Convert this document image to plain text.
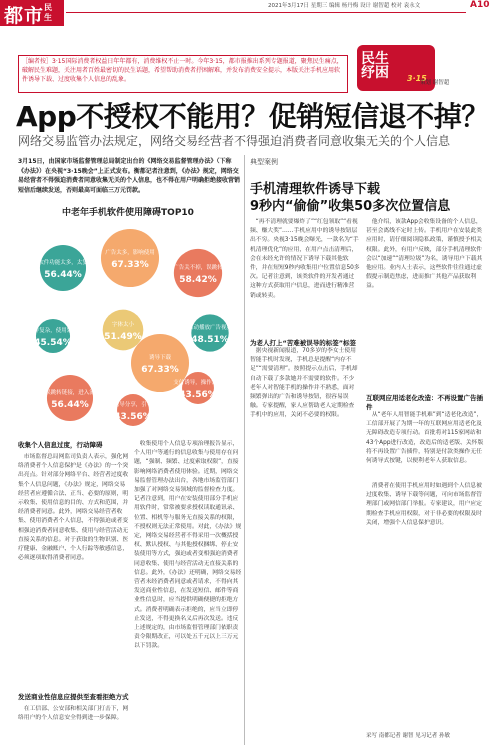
都市 民生
2021年3月17日 星期三 编辑 杨丹梅 设计 谢智超 校对 袁永文	A10
［编者按］3·15国际消费者权益日年年都有，消费维权不止一时。今年3·15，都市报推出系列专题报道，聚焦民生痛点，破解民生难题，关注用者百姓最密切的民生话题，希望帮助消费者抒困解难，并发布消费安全提示，本版关注手机应用软件诱导下载、过度收集个人信息的乱象。
民生
纾困 3·15
策划 谢智超
App不授权不能用？促销短信退不掉？
网络交易监管办法规定，网络交易经营者不得强迫消费者同意收集无关的个人信息
3月15日，由国家市场监督管理总局制定出台的《网络交易监督管理办法》（下称《办法》）在央视“3·15晚会”上正式发布。衡都记者注意到，《办法》规定，网络交易经营者不得强迫消费者同意收集无关的个人信息，也不得在用户明确拒绝接收营销短信后继续发送，否则最高可面临三万元罚款。
中老年手机软件使用障碍TOP10
软件功能太多，太复
56.44%
广告太多，影响使用
67.33%	广告关不掉，误跳转
58.42%
操作复杂，使用繁琐
45.54%
字体太小
51.49%
诱导下载
67.33%
自动播放广告视频
48.51%
误跳转链接，进入流
56.44%	诱导分享，引导
43.56%
支付诱导，操作过多
43.56%
收集个人信息过度，行动障碍
市场监督总局网监司负责人表示，强化网络消费者个人信息保护是《办法》的一个突出亮点。针对部分网络平台、经营者过度收集个人信息问题，《办法》规定，网络交易经营者应遵循合法、正当、必要的原则，明示收集、使用信息的目的、方式和范围，并经消费者同意。此外，网络交易经营者收集、使用消费者个人信息，不得强迫或者变相强迫消费者同意收集、使用与经营活动无直接关系的信息。对于获取的生物识别、医疗健康、金融账户、个人行踪等敏感信息，必须逐项取得消费者同意。
发送商业性信息应提供至查看拒绝方式
在工信部、公安部和相关部门打击下，网络用户的个人信息安全得到进一步保障。
收集使用个人信息专项治理报告显示，个人用户等通行的信息收集与使用存在问题，“强制、频繁、过度索取权限”，直接影响网络消费者使用体验。近期，网络交易监督管理办法出台，各地市场监管部门加强了对网络交易领域的监督检查力度。记者注意到，用户在安装使用部分手机应用软件时，常常被要求授权读取通讯录、位置、相机等与服务无直接关系的权限，不授权则无法正常使用。对此，《办法》规定，网络交易经营者不得采用一次概括授权、默认授权、与其他授权捆绑、停止安装使用等方式，强迫或者变相强迫消费者同意收集、使用与经营活动无直接关系的信息。此外，《办法》还明确，网络交易经营者未经消费者同意或者请求，不得向其发送商业性信息，在发送短信、邮件等商业性信息时，应当提供明确便捷的拒绝方式。消费者明确表示拒绝的，应当立即停止发送，不得更换名义后再次发送。违反上述规定的，由市场监督管理部门依职责责令限期改正，可以处五千元以上三万元以下罚款。
典型案例
手机清理软件诱导下载
9秒内“偷偷”收集50多次位置信息
“再不清理就要爆炸了”“红包领取”“看视频、赚大奖”……手机应用中的诱导按钮层出不穷。央视3·15晚会曝光，一款名为“手机清理优化”的应用，在用户点击清理后，会在未经允许的情况下诱导下载其他软件，并在短短9秒内收集用户位置信息50多次。记者注意到，该类软件的开发者通过这种方式获取用户信息，进而进行精准营销或转卖。
为老人打上“苦难被误导的标签”标签
据央视新闻报道，70多岁的李女士使用智能手机时发现，手机总是提醒“内存不足”“需要清理”。按照提示点击后，手机却自动下载了多款她并不需要的软件。不少老年人对智能手机的操作并不熟悉，面对频繁弹出的广告和诱导按钮，很容易误触。专家提醒，家人应帮助老人定期检查手机中的应用，关闭不必要的权限。
他介绍，该款App会收集设备的个人信息，甚至会离线不定时上传。手机用户在安装此类应用时，请仔细阅读隐私政策，谨慎授予相关权限。此外，有用户反映，部分手机清理软件会以“加速”“清理垃圾”为名，诱导用户下载其他应用。业内人士表示，这些软件往往通过虚假提示制造焦虑，进而推广其他产品获取利益。
互联网应用适老化改造：不再设置广告插件
从“老年人用智能手机难”到“适老化改造”，工信部开展了为期一年的互联网应用适老化及无障碍改造专项行动。首批将对115家网站和43个App进行改造，改造后的适老版、关怀版将不再设置广告插件，特别是付款类操作无任何诱导式按键，以便利老年人获取信息。
消费者在使用手机应用时如遇到个人信息被过度收集、诱导下载等问题，可向市场监督管理部门或网信部门举报。专家建议，用户应定期检查手机应用权限，对于非必要的权限及时关闭，增强个人信息保护意识。
采写 南都记者 谢智 见习记者 孙敏
